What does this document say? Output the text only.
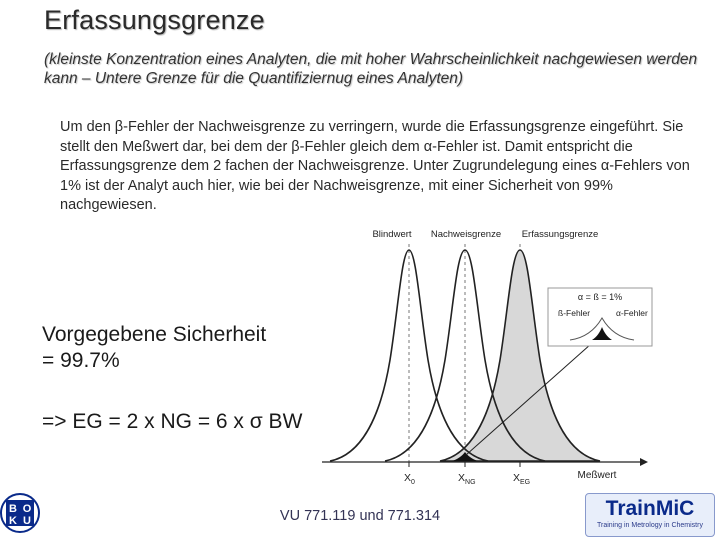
Erfassungsgrenze
(kleinste Konzentration eines Analyten, die mit hoher Wahrscheinlichkeit nachgewiesen werden kann – Untere Grenze für die Quantifiziernug eines Analyten)

Um den β-Fehler der Nachweisgrenze zu verringern, wurde die Erfassungsgrenze eingeführt. Sie stellt den Meßwert dar, bei dem der β-Fehler gleich dem α-Fehler ist. Damit entspricht die Erfassungsgrenze dem 2 fachen der Nachweisgrenze. Unter Zugrundelegung eines α-Fehlers von 1% ist der Analyt auch hier, wie bei der Nachweisgrenze, mit einer Sicherheit von 99% nachgewiesen.

α = ß = 1%
ß-Fehler	α-Fehler
Blindwert Nachweisgrenze Erfassungsgrenze
$X_0$	$X_{NG}$	$X_{EG}$
Meßwert
Vorgegebene Sicherheit
= 99.7%
=> EG = 2 x NG = 6 x σ BW
B O
K U	VU 771.119 und 771.314	TrainMiC
Training in Metrology in Chemistry
